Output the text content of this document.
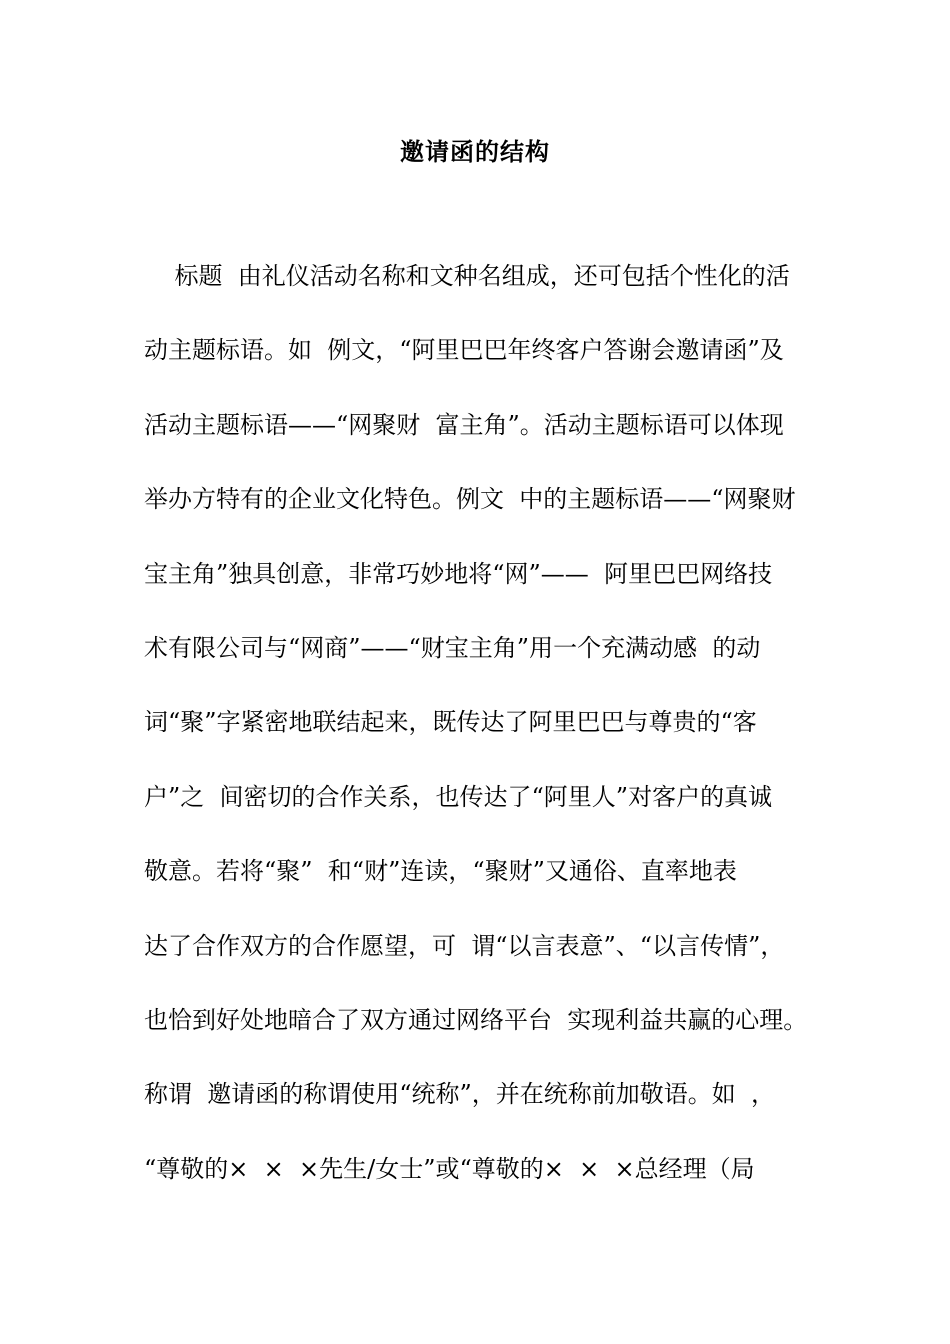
邀请函的结构
标题  由礼仪活动名称和文种名组成，还可包括个性化的活
动主题标语。如  例文，“阿里巴巴年终客户答谢会邀请函”及
活动主题标语——“网聚财  富主角”。活动主题标语可以体现
举办方特有的企业文化特色。例文  中的主题标语——“网聚财
宝主角”独具创意，非常巧妙地将“网”——  阿里巴巴网络技
术有限公司与“网商”——“财宝主角”用一个充满动感  的动
词“聚”字紧密地联结起来，既传达了阿里巴巴与尊贵的“客
户”之  间密切的合作关系，也传达了“阿里人”对客户的真诚
敬意。若将“聚”  和“财”连读，“聚财”又通俗、直率地表
达了合作双方的合作愿望，可  谓“以言表意”、“以言传情”，
也恰到好处地暗合了双方通过网络平台  实现利益共赢的心理。
称谓  邀请函的称谓使用“统称”，并在统称前加敬语。如  ，
“尊敬的×  ×  ×先生/女士”或“尊敬的×  ×  ×总经理（局
